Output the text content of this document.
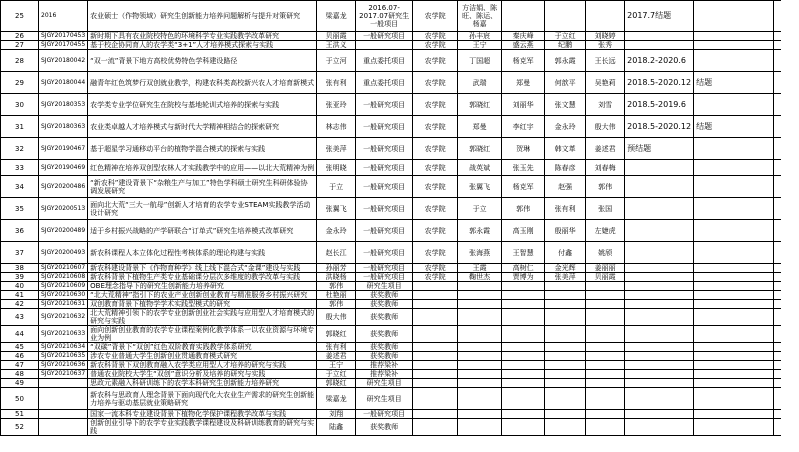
25	2016	农业硕士（作物领域）研究生创新能力培养问题解析与提升对策研究	梁嘉龙	2016.07-2017.07研究生一般项目	农学院	方洁娟、陈旺、陈运、杨嘉				2017.7结题		
26	SJGY20170453	新时期下具有农业院校特色的环境科学专业实践教学改革研究	贝丽霞	一般研究项目	农学院	孙丰宸	秦庆峰	于立红	刘晓婷			
27	SJGY20170455	基于校企协同育人的农学类“3+1”人才培养模式探索与实践	王洪义		农学院	王宁	盛云燕	纪鹏	张秀			
28	SJGY20180042	“双一流”背景下地方高校优势特色学科建设路径	于立河	重点委托项目	农学院	丁国超	杨克军	郭永霞	王长远	2018.2-2020.6		
29	SJGY20180044	融青年红色筑梦行双创就业教学，构建农科类高校新兴农人才培育新模式	张有利	重点委托项目	农学院	武瑞	郑曼	何歆平	吴艳莉	2018.5-2020.12	结题	
30	SJGY20180353	农学类专业学位研究生在院校与基地轮训式培养的探索与实践	张亚玲	一般研究项目	农学院	郭晓红	刘丽华	张文慧	刘雪	2018.5-2019.6		
31	SJGY20180363	农业类卓越人才培养模式与新时代大学精神相结合的探索研究	林志伟	一般研究项目	农学院	郑曼	李红宇	金永玲	殷大伟	2018.5-2020.12	结题	
32	SJGY20190467	基于超星学习通移动平台的植物学混合模式的探索与实践	张美萍	一般研究项目	农学院	郭晓红	贺琳	韩文革	姜述君	预结题		
33	SJGY20190469	红色精神在培养双创型农林人才实践教学中的应用——以北大荒精神为例	张明晓	一般研究项目	农学院	战英斌	张玉先	陈春彦	刘春梅			
34	SJGY20200486	“新农科”建设背景下“杂粮生产与加工”特色学科硕士研究生科研体验协调发展研究	于立	一般研究项目	农学院	张翼飞	杨克军	赵强	郭伟			
35	SJGY20200513	面向北大荒“三大一航母”创新人才培育的农学专业STEAM实践教学活动设计研究	张翼飞	一般研究项目	农学院	于立	郭伟	张有利	张国			
36	SJGY20200489	适于乡村振兴战略的产学研联合“订单式”研究生培养模式改革研究	金永玲	一般研究项目	农学院	郭永霞	高玉刚	殷丽华	左婕虎			
37	SJGY20200493	新农科课程人本立体化过程性考核体系的理论构建与实践	赵长江	一般研究项目	农学院	张海燕	王智慧	付鑫	姚颀			
38	SJGY20210607	新农科建设背景下《作物育种学》线上线下混合式“金课”建设与实践	孙丽芳	一般研究项目	农学院	王霞	高树仁	金光辉	姜丽丽			
39	SJGY20210608	新农科背景下植物生产类专业基础课分层次多维度的教学改革与实践	洪晓杨	一般研究项目	农学院	鞠世杰	贾博为	张美萍	贝丽霞			
40	SJGY20210609	OBE理念指导下的研究生创新能力培养研究	郭伟	研究生项目								
41	SJGY20210630	“北大荒精神”指引下的农业产业创新创业教育与精准服务乡村振兴研究	杜艳丽	获奖教师								
42	SJGY20210631	双创教育背景下植物学学术实践型模式的研究	郭伟	获奖教师								
43	SJGY20210632	北大荒精神引领下的农学专业创新创业社会实践与应用型人才培育模式的研究与实践	殷大伟	获奖教师								
44	SJGY20210633	面向创新创业教育的农学专业课程案例化教学体系一以农业资源与环境专业为例	郭晓红	获奖教师								
45	SJGY20210634	“双碳”背景下“双创”红色双阶教育实践教学体系研究	张有利	获奖教师								
46	SJGY20210635	涉农专业普通大学生创新创业贯通教育模式研究	姜述君	获奖教师								
47	SJGY20210636	新农科背景下双创教育融入农学类应用型人才培养的研究与实践	王宁	推荐梁补								
48	SJGY20210637	普通农业院校大学生“双创”意识分析及培养的研究与实践	于立红	推荐梁补								
49		思政元素融入科研训练下的农学本科研究生创新能力培养研究	郭晓红	研究生项目								
50		新农科与思政育人理念背景下面向现代化大农业生产需求的研究生创新能力培养与驱动基层就业策略研究	梁嘉龙	研究生项目								
51		国家一流本科专业建设背景下植物化学保护课程教学改革与实践	刘翔	一般研究项目								
52		创新创业引导下的农学专业实践教学课程建设及科研训练教育的研究与实践	陆鑫	获奖教师								
